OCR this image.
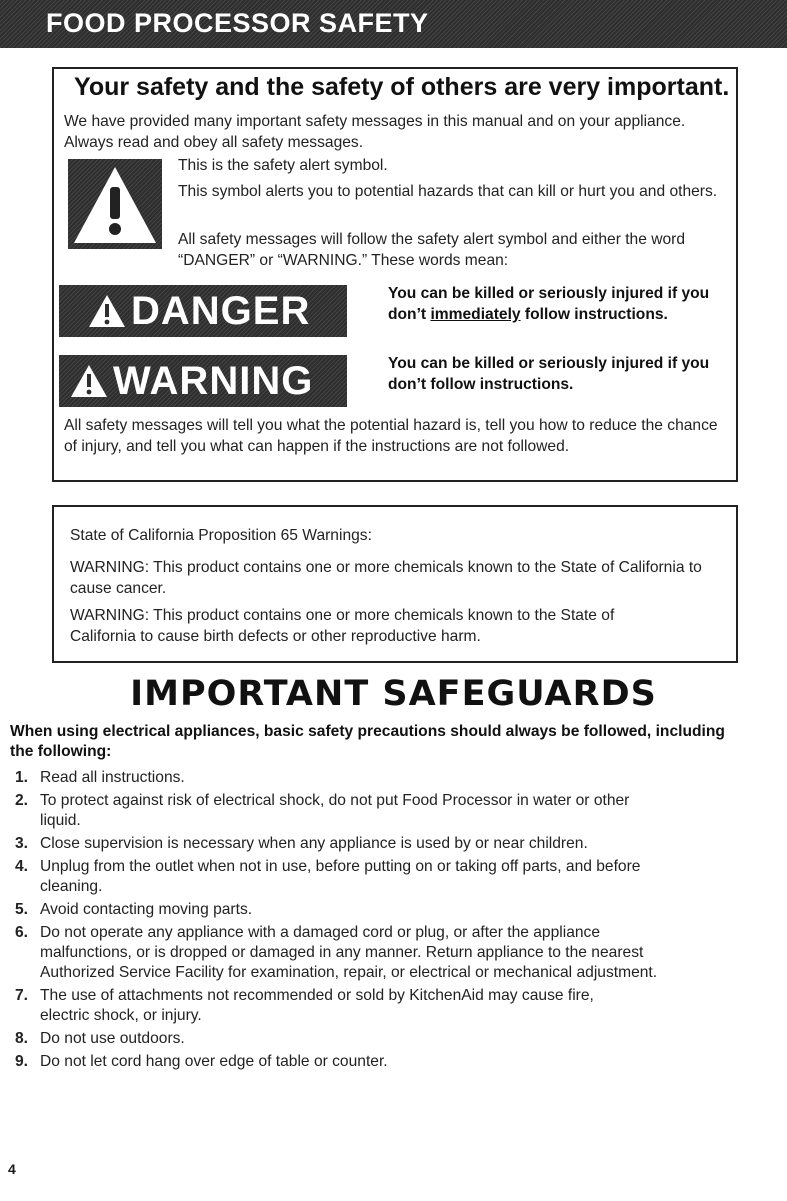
FOOD PROCESSOR SAFETY
Your safety and the safety of others are very important.
We have provided many important safety messages in this manual and on your appliance. Always read and obey all safety messages.
This is the safety alert symbol.
This symbol alerts you to potential hazards that can kill or hurt you and others.
All safety messages will follow the safety alert symbol and either the word “DANGER” or “WARNING.” These words mean:
DANGER	You can be killed or seriously injured if you don’t immediately follow instructions.
WARNING	You can be killed or seriously injured if you don’t follow instructions.
All safety messages will tell you what the potential hazard is, tell you how to reduce the chance of injury, and tell you what can happen if the instructions are not followed.
State of California Proposition 65 Warnings:
WARNING: This product contains one or more chemicals known to the State of California to cause cancer.
WARNING: This product contains one or more chemicals known to the State of California to cause birth defects or other reproductive harm.
IMPORTANT SAFEGUARDS
When using electrical appliances, basic safety precautions should always be followed, including the following:
1. Read all instructions.
2. To protect against risk of electrical shock, do not put Food Processor in water or other liquid.
3. Close supervision is necessary when any appliance is used by or near children.
4. Unplug from the outlet when not in use, before putting on or taking off parts, and before cleaning.
5. Avoid contacting moving parts.
6. Do not operate any appliance with a damaged cord or plug, or after the appliance malfunctions, or is dropped or damaged in any manner. Return appliance to the nearest Authorized Service Facility for examination, repair, or electrical or mechanical adjustment.
7. The use of attachments not recommended or sold by KitchenAid may cause fire, electric shock, or injury.
8. Do not use outdoors.
9. Do not let cord hang over edge of table or counter.
4
